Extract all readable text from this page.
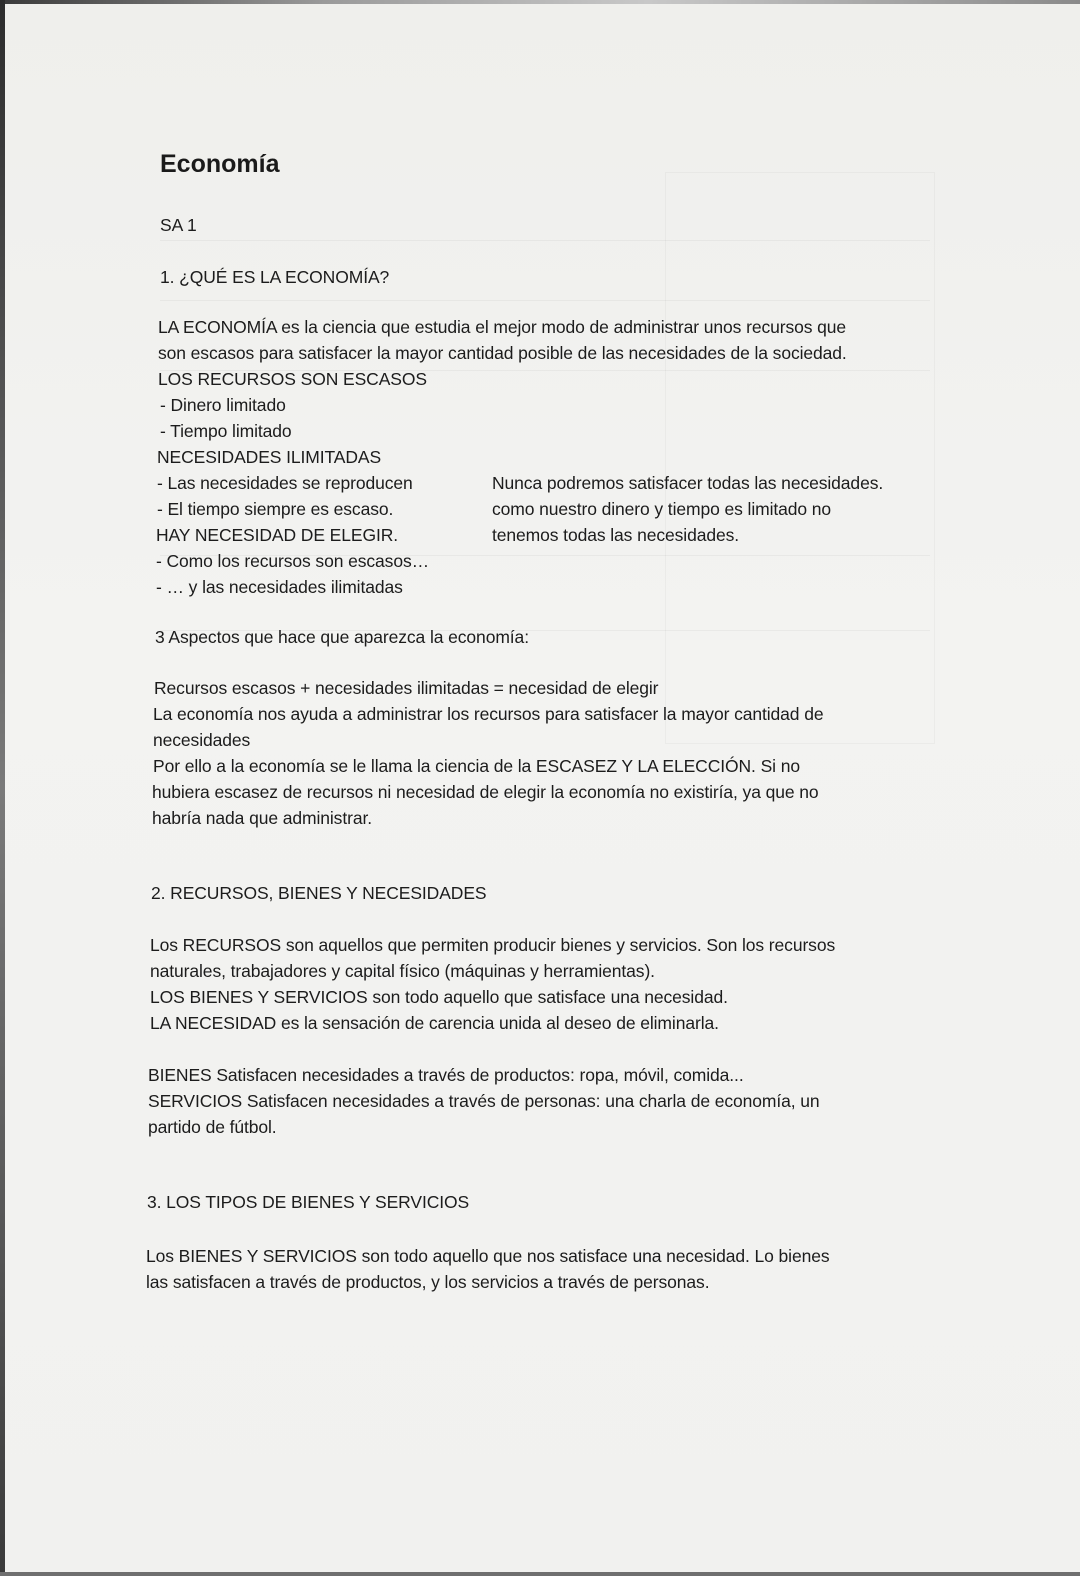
Economía
SA 1
1. ¿QUÉ ES LA ECONOMÍA?
LA ECONOMÍA es la ciencia que estudia el mejor modo de administrar unos recursos que
son escasos para satisfacer la mayor cantidad posible de las necesidades de la sociedad.
LOS RECURSOS SON ESCASOS
- Dinero limitado
- Tiempo limitado
NECESIDADES ILIMITADAS
- Las necesidades se reproducen
- El tiempo siempre es escaso.
HAY NECESIDAD DE ELEGIR.
- Como los recursos son escasos…
- … y las necesidades ilimitadas
Nunca podremos satisfacer todas las necesidades.
como nuestro dinero y tiempo es limitado no
tenemos todas las necesidades.
3 Aspectos que hace que aparezca la economía:
Recursos escasos + necesidades ilimitadas = necesidad de elegir
La economía nos ayuda a administrar los recursos para satisfacer la mayor cantidad de
necesidades
Por ello a la economía se le llama la ciencia de la ESCASEZ Y LA ELECCIÓN. Si no
hubiera escasez de recursos ni necesidad de elegir la economía no existiría, ya que no
habría nada que administrar.
2. RECURSOS, BIENES Y NECESIDADES
Los RECURSOS son aquellos que permiten producir bienes y servicios. Son los recursos
naturales, trabajadores y capital físico (máquinas y herramientas).
LOS BIENES Y SERVICIOS son todo aquello que satisface una necesidad.
LA NECESIDAD es la sensación de carencia unida al deseo de eliminarla.
BIENES Satisfacen necesidades a través de productos: ropa, móvil, comida...
SERVICIOS Satisfacen necesidades a través de personas: una charla de economía, un
partido de fútbol.
3. LOS TIPOS DE BIENES Y SERVICIOS
Los BIENES Y SERVICIOS son todo aquello que nos satisface una necesidad. Lo bienes
las satisfacen a través de productos, y los servicios a través de personas.
